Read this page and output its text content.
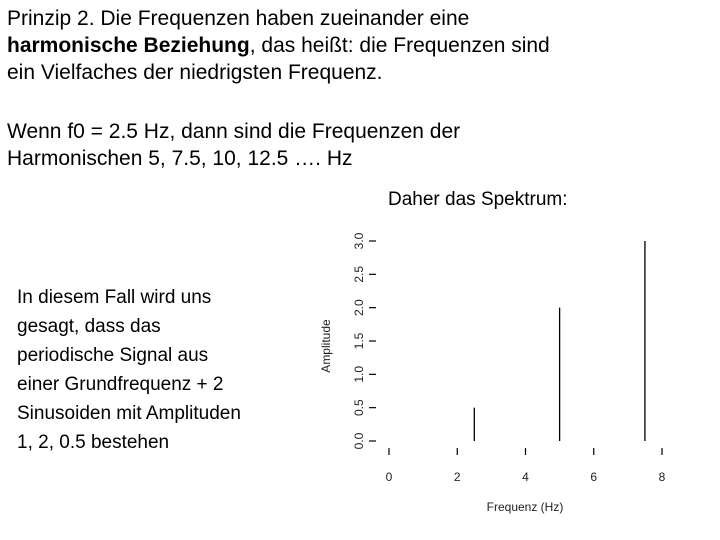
Prinzip 2. Die Frequenzen haben zueinander eine
harmonische Beziehung, das heißt: die Frequenzen sind
ein Vielfaches der niedrigsten Frequenz.
Wenn f0 = 2.5 Hz, dann sind die Frequenzen der
Harmonischen 5, 7.5, 10, 12.5 …. Hz
Daher das Spektrum:
In diesem Fall wird uns
gesagt, dass das
periodische Signal aus
einer Grundfrequenz + 2
Sinusoiden mit Amplituden
1, 2, 0.5 bestehen	0.0
0.5
1.0
1.5
2.0
2.5
3.0
0	2	4	6	8
Amplitude
Frequenz (Hz)
